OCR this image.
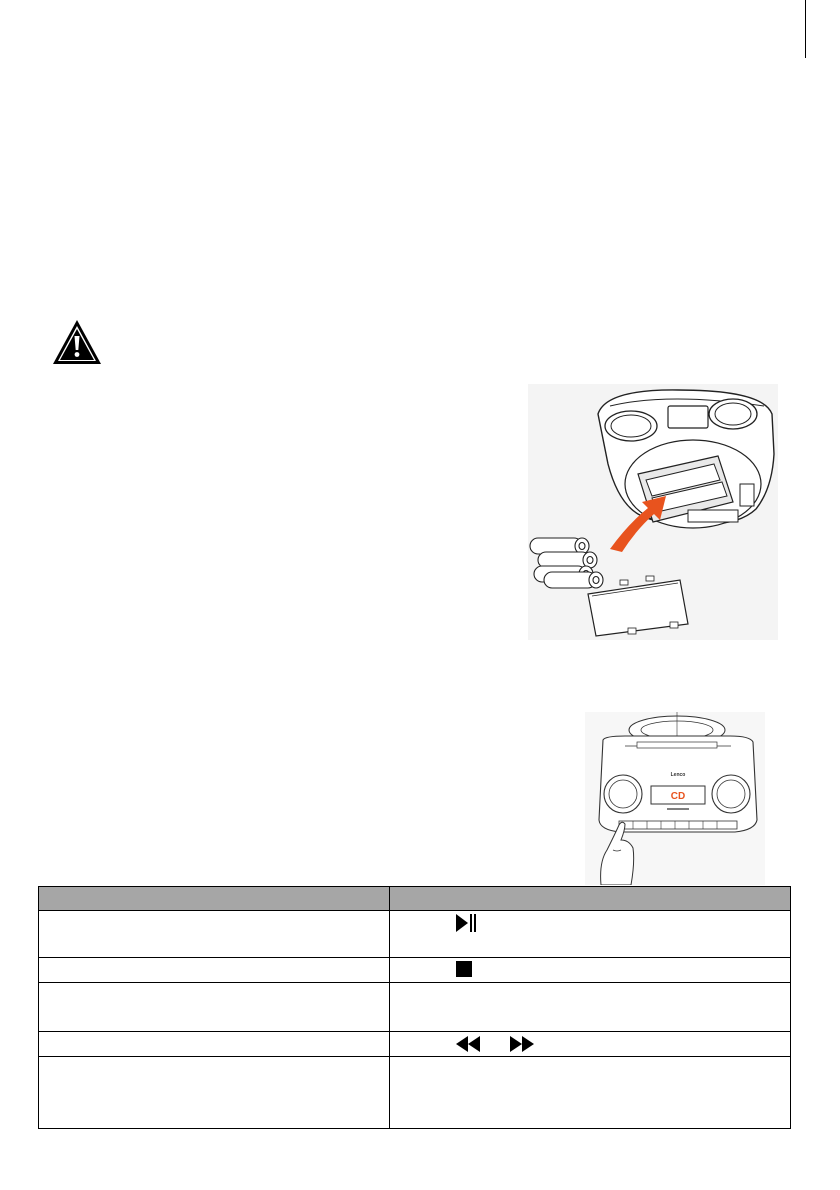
CD
Lenco
